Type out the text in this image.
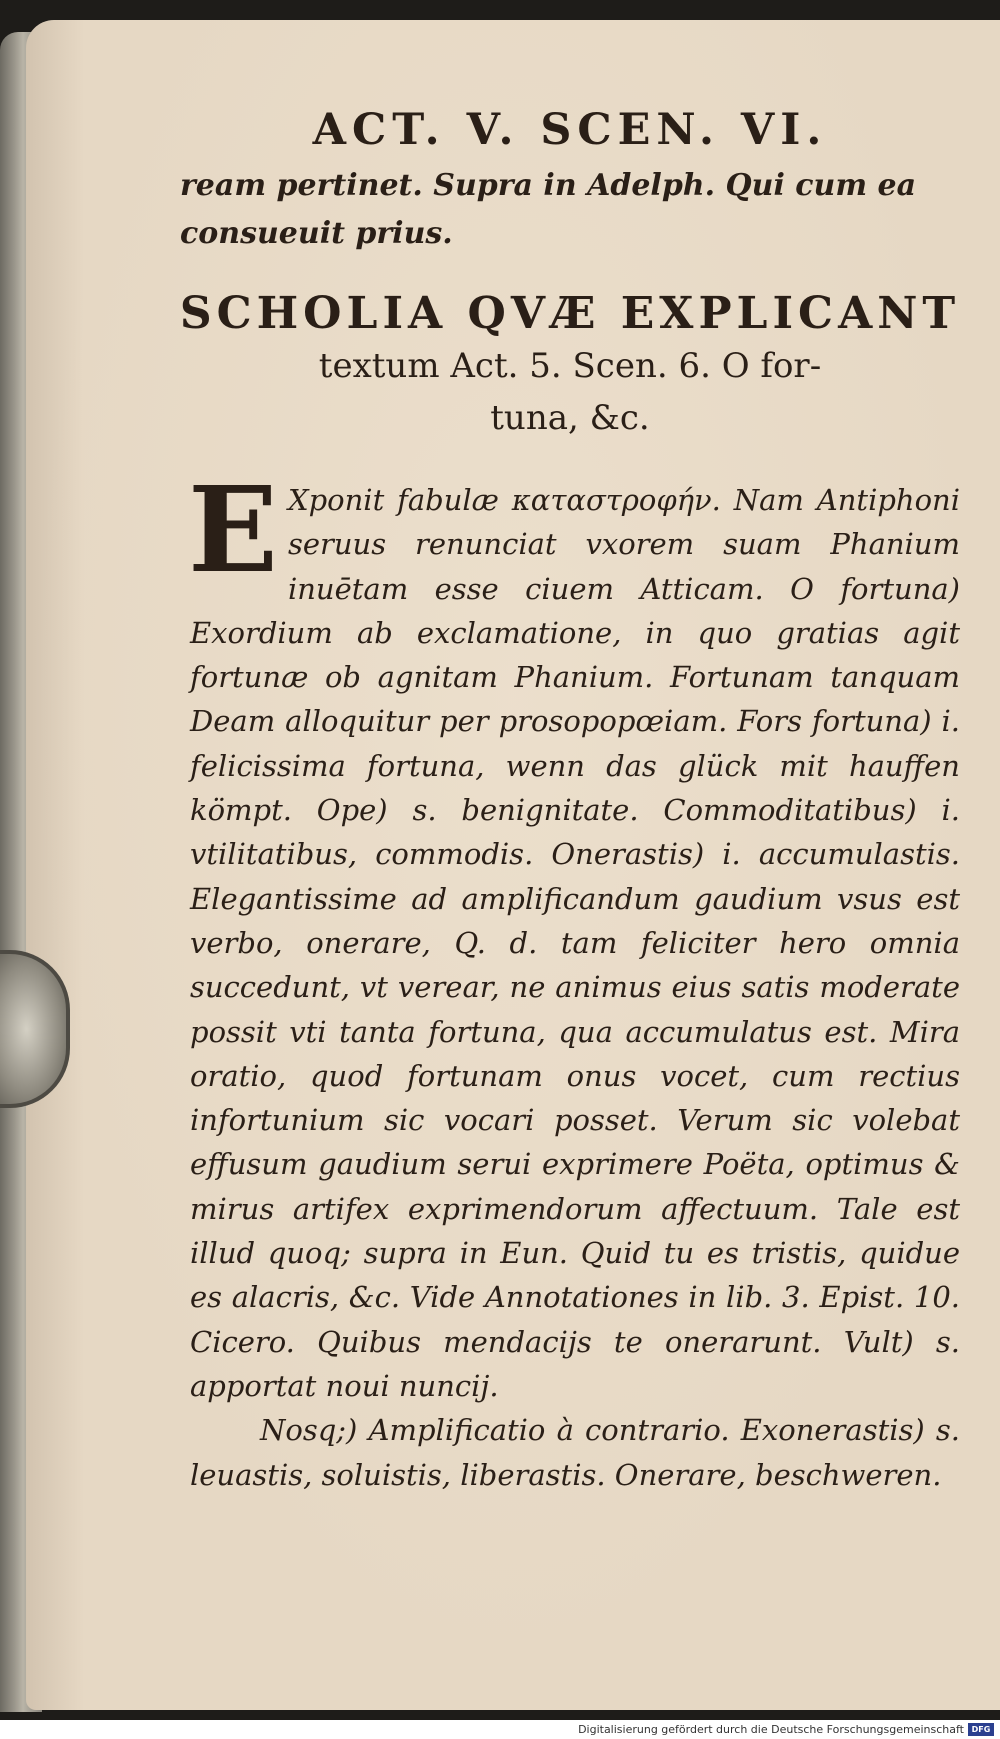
ACT. V. SCEN. VI.
ream pertinet. Supra in Adelph. Qui cum ea consueuit prius.
SCHOLIA QVÆ EXPLICANT
textum Act. 5. Scen. 6. O for-
tuna, &c.

E Xponit fabulæ καταστροφήν. Nam Antiphoni seruus renunciat vxorem suam Phanium inuētam esse ciuem Atticam. O fortuna) Exordium ab exclamatione, in quo gratias agit fortunæ ob agnitam Phanium. Fortunam tanquam Deam alloquitur per prosopopœiam. Fors fortuna) i. felicissima fortuna, wenn das glück mit hauffen kömpt. Ope) s. benignitate. Commoditatibus) i. vtilitatibus, commodis. Onerastis) i. accumulastis. Elegantissime ad amplificandum gaudium vsus est verbo, onerare, Q. d. tam feliciter hero omnia succedunt, vt verear, ne animus eius satis moderate possit vti tanta fortuna, qua accumulatus est. Mira oratio, quod fortunam onus vocet, cum rectius infortunium sic vocari posset. Verum sic volebat effusum gaudium serui exprimere Poëta, optimus & mirus artifex exprimendorum affectuum. Tale est illud quoq; supra in Eun. Quid tu es tristis, quidue es alacris, &c. Vide Annotationes in lib. 3. Epist. 10. Cicero. Quibus mendacijs te onerarunt. Vult) s. apportat noui nuncij.

Nosq;) Amplificatio à contrario. Exonerastis) s. leuastis, soluistis, liberastis. Onerare, beschweren.

Digitalisierung gefördert durch die Deutsche Forschungsgemeinschaft DFG
